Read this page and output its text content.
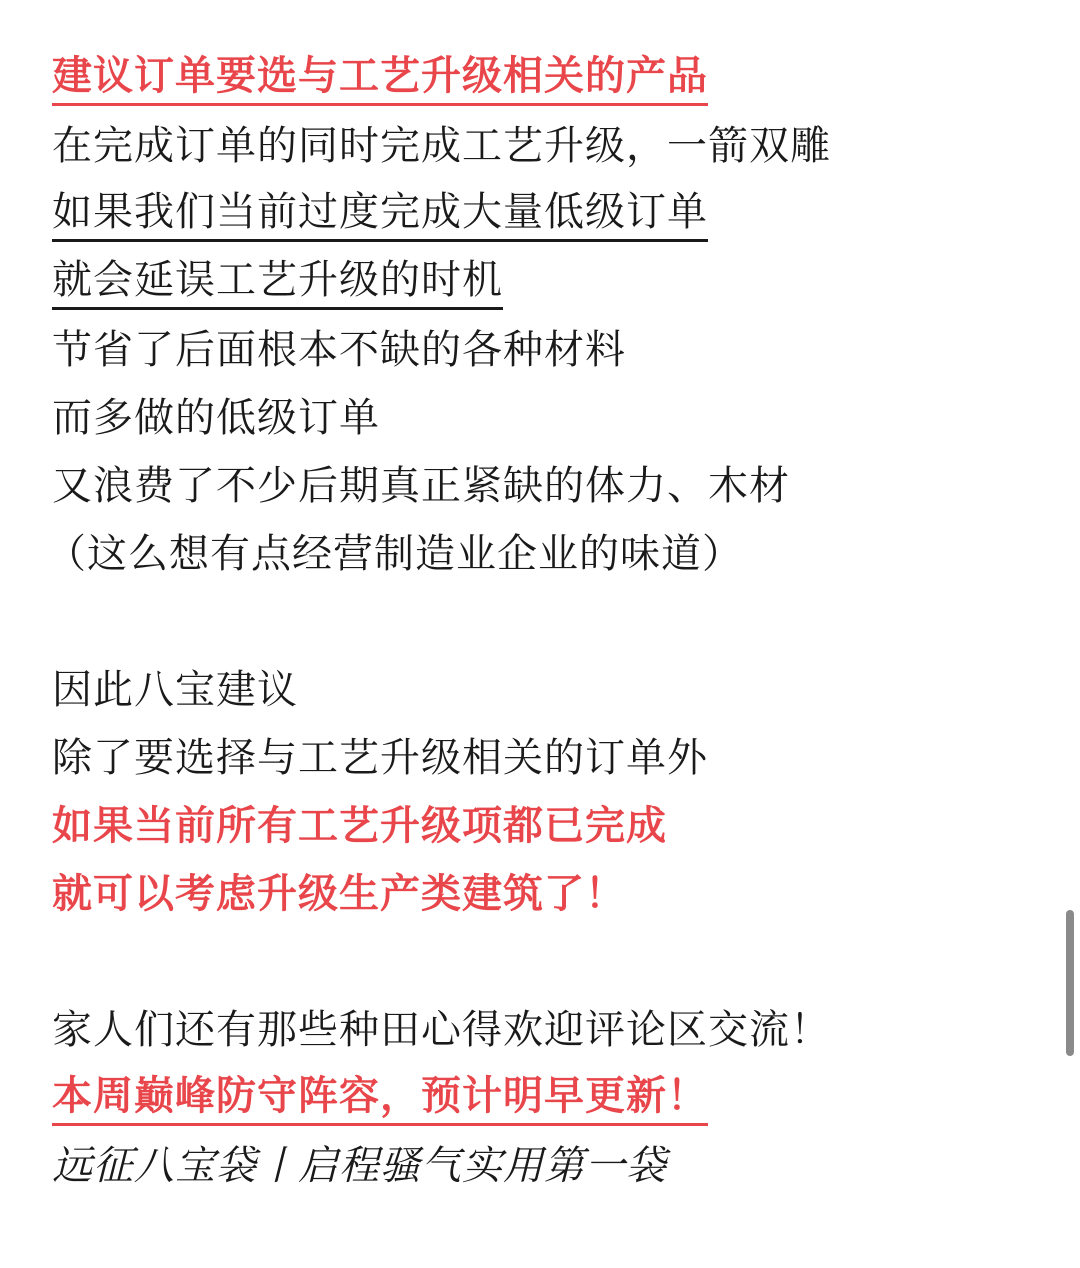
建议订单要选与工艺升级相关的产品
在完成订单的同时完成工艺升级，一箭双雕
如果我们当前过度完成大量低级订单
就会延误工艺升级的时机
节省了后面根本不缺的各种材料
而多做的低级订单
又浪费了不少后期真正紧缺的体力、木材
（这么想有点经营制造业企业的味道）
因此八宝建议
除了要选择与工艺升级相关的订单外
如果当前所有工艺升级项都已完成
就可以考虑升级生产类建筑了！
家人们还有那些种田心得欢迎评论区交流！
本周巅峰防守阵容，预计明早更新！
远征八宝袋丨启程骚气实用第一袋
